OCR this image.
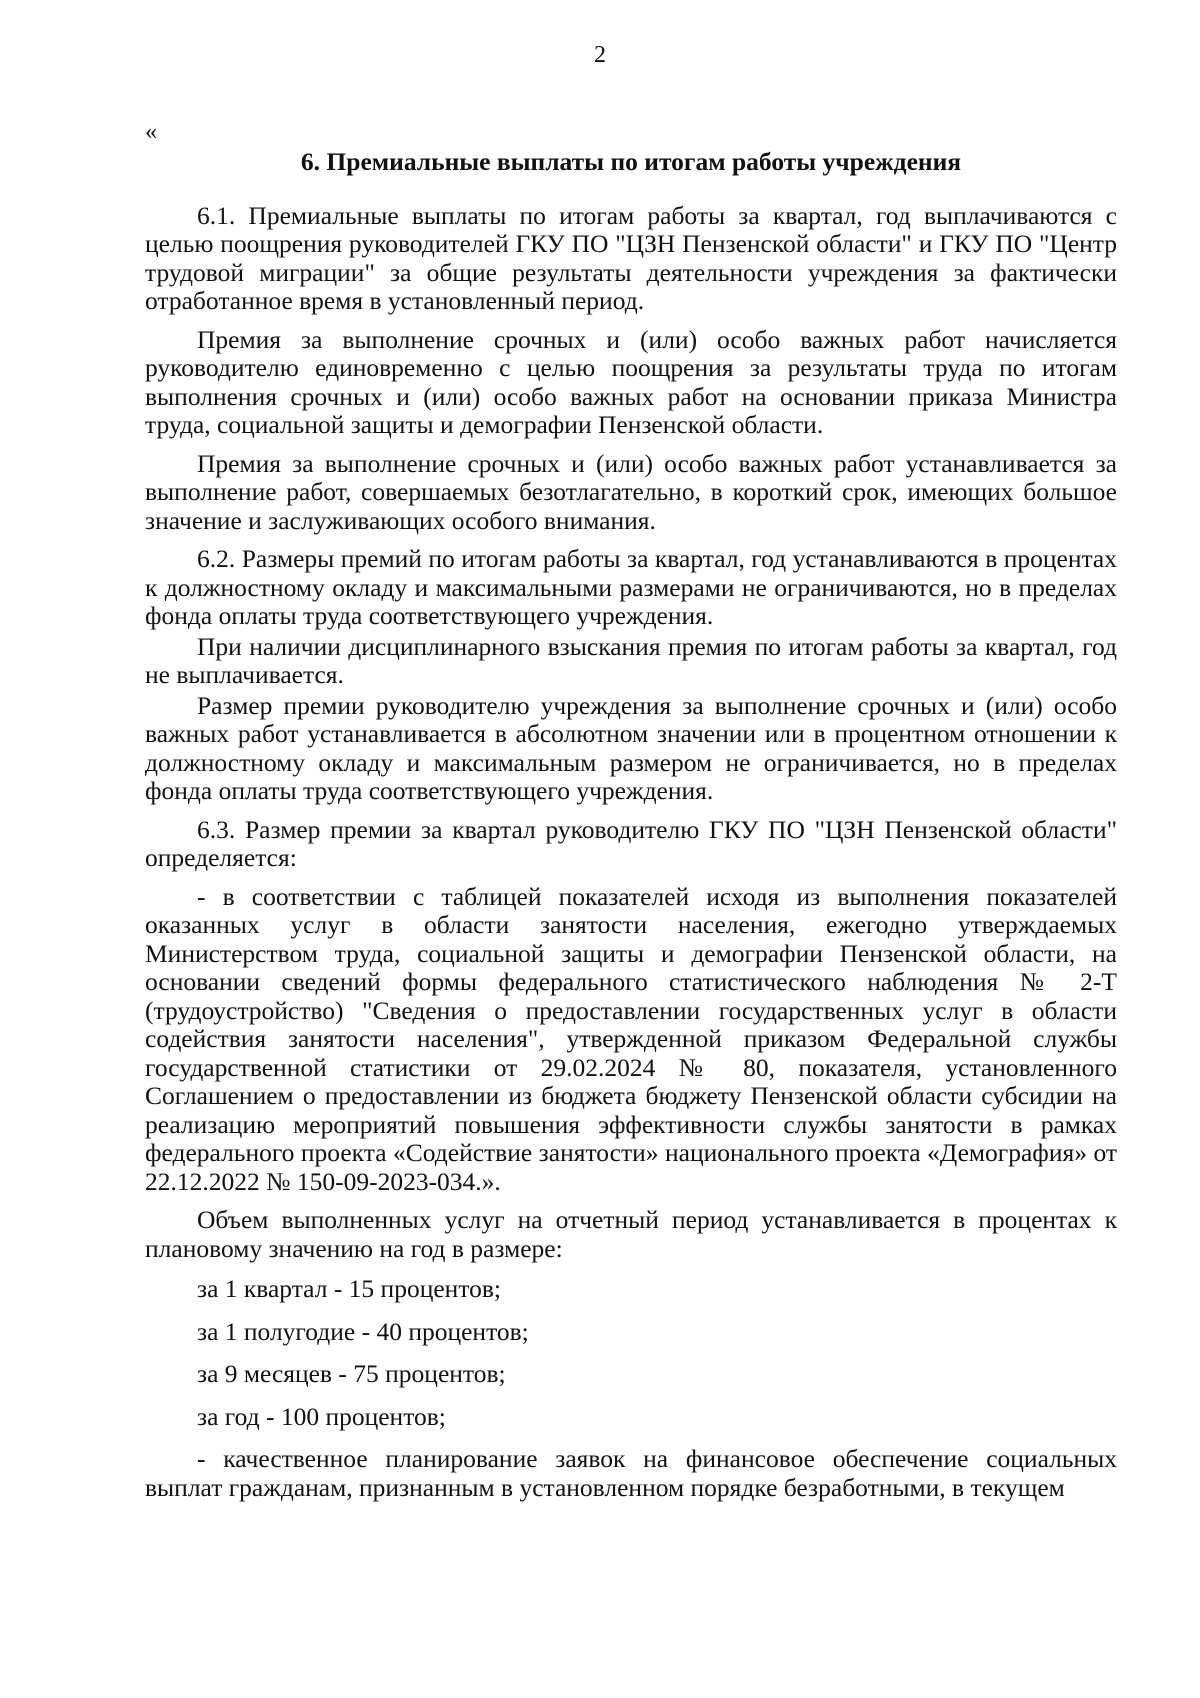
2
«
6. Премиальные выплаты по итогам работы учреждения

6.1. Премиальные выплаты по итогам работы за квартал, год выплачиваются с целью поощрения руководителей ГКУ ПО "ЦЗН Пензенской области" и ГКУ ПО "Центр трудовой миграции" за общие результаты деятельности учреждения за фактически отработанное время в установленный период.

Премия за выполнение срочных и (или) особо важных работ начисляется руководителю единовременно с целью поощрения за результаты труда по итогам выполнения срочных и (или) особо важных работ на основании приказа Министра труда, социальной защиты и демографии Пензенской области.

Премия за выполнение срочных и (или) особо важных работ устанавливается за выполнение работ, совершаемых безотлагательно, в короткий срок, имеющих большое значение и заслуживающих особого внимания.

6.2. Размеры премий по итогам работы за квартал, год устанавливаются в процентах к должностному окладу и максимальными размерами не ограничиваются, но в пределах фонда оплаты труда соответствующего учреждения.

При наличии дисциплинарного взыскания премия по итогам работы за квартал, год не выплачивается.

Размер премии руководителю учреждения за выполнение срочных и (или) особо важных работ устанавливается в абсолютном значении или в процентном отношении к должностному окладу и максимальным размером не ограничивается, но в пределах фонда оплаты труда соответствующего учреждения.

6.3. Размер премии за квартал руководителю ГКУ ПО "ЦЗН Пензенской области" определяется:

- в соответствии с таблицей показателей исходя из выполнения показателей оказанных услуг в области занятости населения, ежегодно утверждаемых Министерством труда, социальной защиты и демографии Пензенской области, на основании сведений формы федерального статистического наблюдения № 2-Т (трудоустройство) "Сведения о предоставлении государственных услуг в области содействия занятости населения", утвержденной приказом Федеральной службы государственной статистики от 29.02.2024 № 80, показателя, установленного Соглашением о предоставлении из бюджета бюджету Пензенской области субсидии на реализацию мероприятий повышения эффективности службы занятости в рамках федерального проекта «Содействие занятости» национального проекта «Демография» от 22.12.2022 № 150-09-2023-034.».

Объем выполненных услуг на отчетный период устанавливается в процентах к плановому значению на год в размере:

за 1 квартал - 15 процентов;
за 1 полугодие - 40 процентов;
за 9 месяцев - 75 процентов;
за год - 100 процентов;

- качественное планирование заявок на финансовое обеспечение социальных выплат гражданам, признанным в установленном порядке безработными, в текущем
